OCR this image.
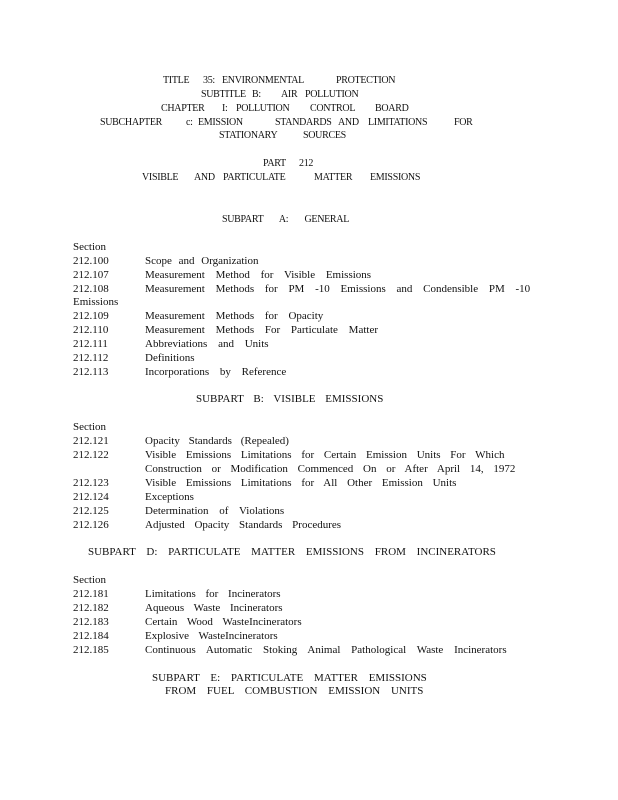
TITLE 35: ENVIRONMENTAL	PROTECTION
SUBTITLE B: AIR POLLUTION
CHAPTER I: POLLUTION CONTROL BOARD
SUBCHAPTER c: EMISSION	STANDARDS AND LIMITATIONS	FOR
STATIONARY	SOURCES
PART 212
VISIBLE AND PARTICULATE	MATTER EMISSIONS
SUBPART A: GENERAL
Section
212.100	Scope and Organization
212.107	Measurement Method for Visible Emissions
212.108	Measurement Methods for PM -10 Emissions and Condensible PM -10
Emissions
212.109	Measurement Methods for Opacity
212.110	Measurement Methods For Particulate Matter
212.111	Abbreviations and Units
212.112	Definitions
212.113	Incorporations by Reference
SUBPART B: VISIBLE EMISSIONS
Section
212.121	Opacity Standards (Repealed)
212.122	Visible Emissions Limitations for Certain Emission Units For Which
Construction or Modification Commenced On or After April 14, 1972
212.123	Visible Emissions Limitations for All Other Emission Units
212.124	Exceptions
212.125	Determination of Violations
212.126	Adjusted Opacity Standards Procedures
SUBPART D: PARTICULATE MATTER EMISSIONS FROM INCINERATORS
Section
212.181	Limitations for Incinerators
212.182	Aqueous Waste Incinerators
212.183	Certain Wood WasteIncinerators
212.184	Explosive WasteIncinerators
212.185	Continuous Automatic Stoking Animal Pathological Waste Incinerators
SUBPART E: PARTICULATE MATTER EMISSIONS
FROM FUEL COMBUSTION EMISSION UNITS
